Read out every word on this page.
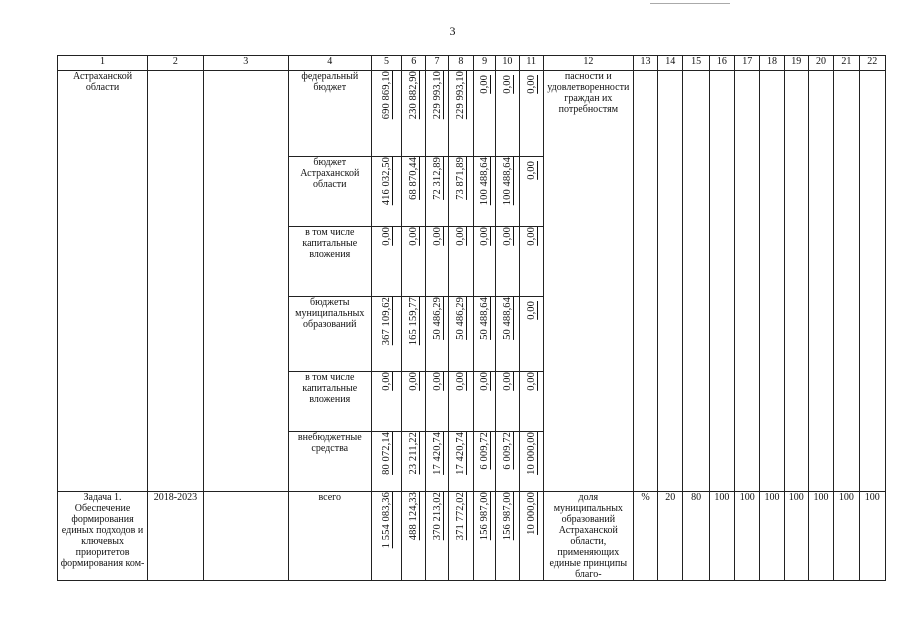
3
1	2	3	4	5	6	7	8	9	10	11	12	13	14	15	16	17	18	19	20	21	22
Астраханской области			федеральный бюджет	690 869,10	230 882,90	229 993,10	229 993,10	0,00	0,00	0,00	пасности и удовлетворенности граждан их потребностям										
			бюджет Астраханской области	416 032,50	68 870,44	72 312,89	73 871,89	100 488,64	100 488,64	0,00											

			в том числе капитальные вложения	0,00	0,00	0,00	0,00	0,00	0,00	0,00											

			бюджеты муниципальных образований	367 109,62	165 159,77	50 486,29	50 486,29	50 488,64	50 488,64	0,00											

			в том числе капитальные вложения	0,00	0,00	0,00	0,00	0,00	0,00	0,00											

			внебюджетные средства	80 072,14	23 211,22	17 420,74	17 420,74	6 009,72	6 009,72	10 000,00											

Задача 1. Обеспечение формирования единых подходов и ключевых приоритетов формирования ком-	2018-2023		всего	1 554 083,36	488 124,33	370 213,02	371 772,02	156 987,00	156 987,00	10 000,00	доля муниципальных образований Астраханской области, применяющих единые принципы благо-	%	20	80	100	100	100	100	100	100	100
